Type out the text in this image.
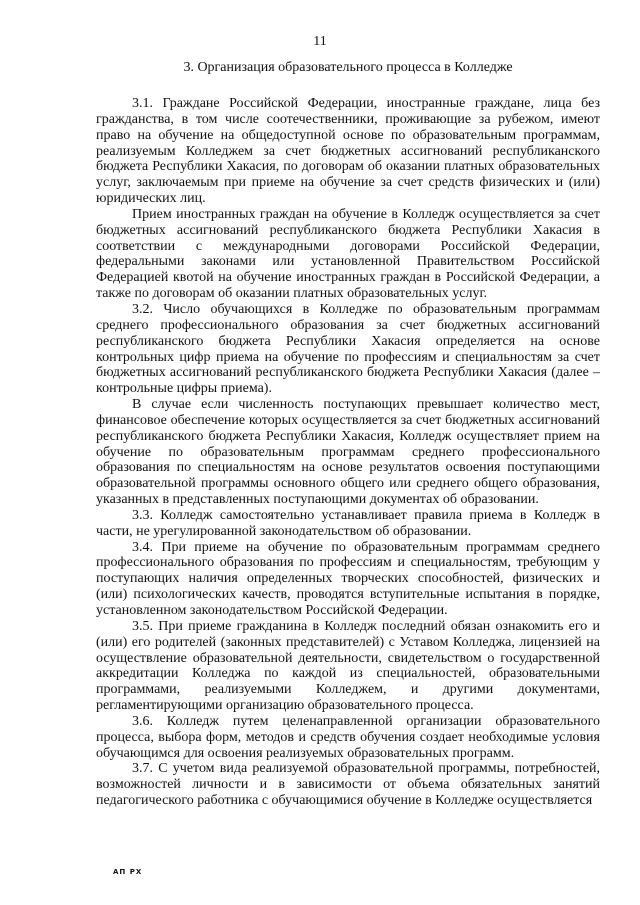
11
3. Организация образовательного процесса в Колледже

3.1. Граждане Российской Федерации, иностранные граждане, лица без гражданства, в том числе соотечественники, проживающие за рубежом, имеют право на обучение на общедоступной основе по образовательным программам, реализуемым Колледжем за счет бюджетных ассигнований республиканского бюджета Республики Хакасия, по договорам об оказании платных образовательных услуг, заключаемым при приеме на обучение за счет средств физических и (или) юридических лиц.

Прием иностранных граждан на обучение в Колледж осуществляется за счет бюджетных ассигнований республиканского бюджета Республики Хакасия в соответствии с международными договорами Российской Федерации, федеральными законами или установленной Правительством Российской Федерацией квотой на обучение иностранных граждан в Российской Федерации, а также по договорам об оказании платных образовательных услуг.

3.2. Число обучающихся в Колледже по образовательным программам среднего профессионального образования за счет бюджетных ассигнований республиканского бюджета Республики Хакасия определяется на основе контрольных цифр приема на обучение по профессиям и специальностям за счет бюджетных ассигнований республиканского бюджета Республики Хакасия (далее – контрольные цифры приема).

В случае если численность поступающих превышает количество мест, финансовое обеспечение которых осуществляется за счет бюджетных ассигнований республиканского бюджета Республики Хакасия, Колледж осуществляет прием на обучение по образовательным программам среднего профессионального образования по специальностям на основе результатов освоения поступающими образовательной программы основного общего или среднего общего образования, указанных в представленных поступающими документах об образовании.

3.3. Колледж самостоятельно устанавливает правила приема в Колледж в части, не урегулированной законодательством об образовании.

3.4. При приеме на обучение по образовательным программам среднего профессионального образования по профессиям и специальностям, требующим у поступающих наличия определенных творческих способностей, физических и (или) психологических качеств, проводятся вступительные испытания в порядке, установленном законодательством Российской Федерации.

3.5. При приеме гражданина в Колледж последний обязан ознакомить его и (или) его родителей (законных представителей) с Уставом Колледжа, лицензией на осуществление образовательной деятельности, свидетельством о государственной аккредитации Колледжа по каждой из специальностей, образовательными программами, реализуемыми Колледжем, и другими документами, регламентирующими организацию образовательного процесса.

3.6. Колледж путем целенаправленной организации образовательного процесса, выбора форм, методов и средств обучения создает необходимые условия обучающимся для освоения реализуемых образовательных программ.

3.7. С учетом вида реализуемой образовательной программы, потребностей, возможностей личности и в зависимости от объема обязательных занятий педагогического работника с обучающимися обучение в Колледже осуществляется

АП РХ
